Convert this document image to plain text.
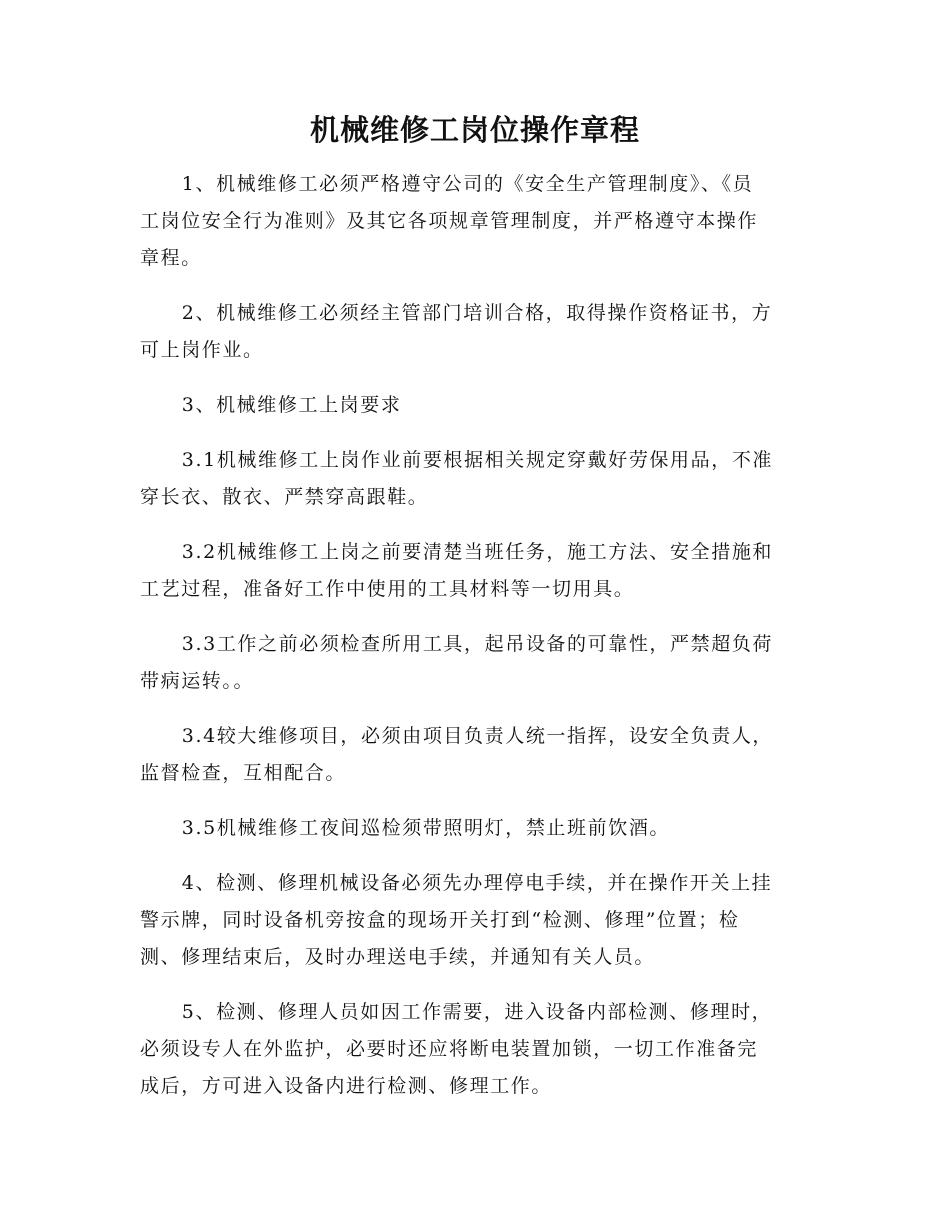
机械维修工岗位操作章程

1、机械维修工必须严格遵守公司的《安全生产管理制度》、《员
工岗位安全行为准则》及其它各项规章管理制度，并严格遵守本操作
章程。

2、机械维修工必须经主管部门培训合格，取得操作资格证书，方
可上岗作业。

3、机械维修工上岗要求

3.1机械维修工上岗作业前要根据相关规定穿戴好劳保用品，不准
穿长衣、散衣、严禁穿高跟鞋。

3.2机械维修工上岗之前要清楚当班任务，施工方法、安全措施和
工艺过程，准备好工作中使用的工具材料等一切用具。

3.3工作之前必须检查所用工具，起吊设备的可靠性，严禁超负荷
带病运转。。

3.4较大维修项目，必须由项目负责人统一指挥，设安全负责人，
监督检查，互相配合。

3.5机械维修工夜间巡检须带照明灯，禁止班前饮酒。

4、检测、修理机械设备必须先办理停电手续，并在操作开关上挂
警示牌，同时设备机旁按盒的现场开关打到“检测、修理”位置；检
测、修理结束后，及时办理送电手续，并通知有关人员。

5、检测、修理人员如因工作需要，进入设备内部检测、修理时，
必须设专人在外监护，必要时还应将断电装置加锁，一切工作准备完
成后，方可进入设备内进行检测、修理工作。
